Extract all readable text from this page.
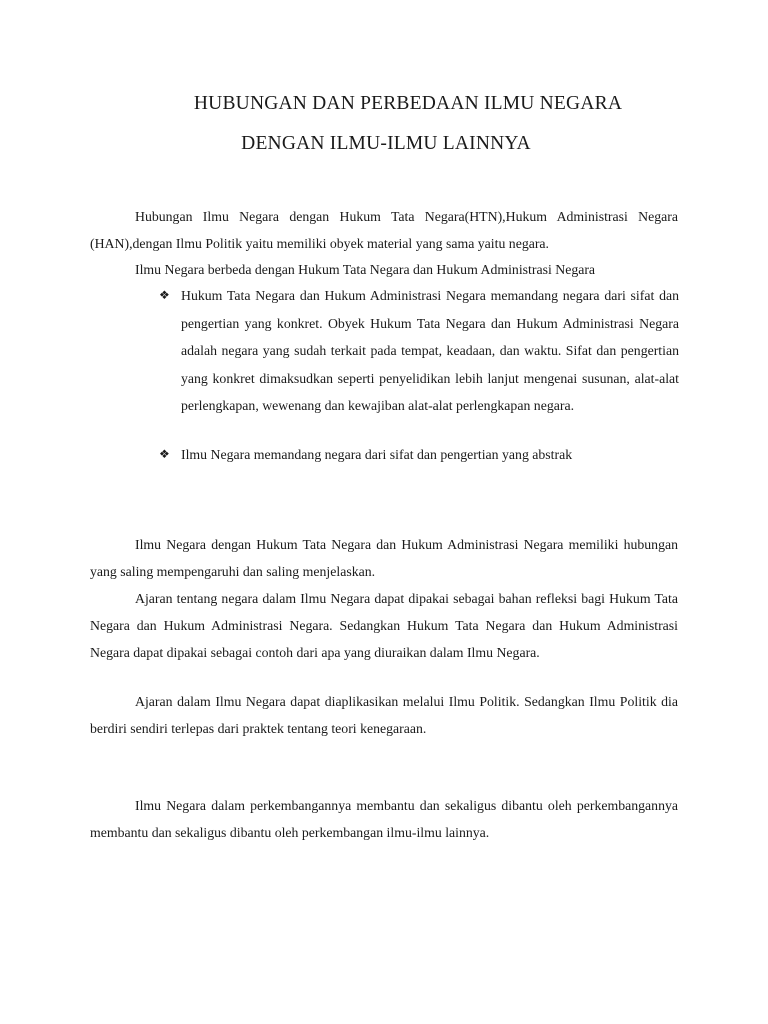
HUBUNGAN DAN PERBEDAAN ILMU NEGARA
DENGAN ILMU-ILMU LAINNYA

Hubungan Ilmu Negara dengan Hukum Tata Negara(HTN),Hukum Administrasi Negara (HAN),dengan Ilmu Politik yaitu memiliki obyek material yang sama yaitu negara.

Ilmu Negara berbeda dengan Hukum Tata Negara dan Hukum Administrasi Negara

❖ Hukum Tata Negara dan Hukum Administrasi Negara memandang negara dari sifat dan pengertian yang konkret. Obyek Hukum Tata Negara dan Hukum Administrasi Negara adalah negara yang sudah terkait pada tempat, keadaan, dan waktu. Sifat dan pengertian yang konkret dimaksudkan seperti penyelidikan lebih lanjut mengenai susunan, alat-alat perlengkapan, wewenang dan kewajiban alat-alat perlengkapan negara.
❖ Ilmu Negara memandang negara dari sifat dan pengertian yang abstrak

Ilmu Negara dengan Hukum Tata Negara dan Hukum Administrasi Negara memiliki hubungan yang saling mempengaruhi dan saling menjelaskan.

Ajaran tentang negara dalam Ilmu Negara dapat dipakai sebagai bahan refleksi bagi Hukum Tata Negara dan Hukum Administrasi Negara. Sedangkan Hukum Tata Negara dan Hukum Administrasi Negara dapat dipakai sebagai contoh dari apa yang diuraikan dalam Ilmu Negara.

Ajaran dalam Ilmu Negara dapat diaplikasikan melalui Ilmu Politik. Sedangkan Ilmu Politik dia berdiri sendiri terlepas dari praktek tentang teori kenegaraan.

Ilmu Negara dalam perkembangannya membantu dan sekaligus dibantu oleh perkembangannya membantu dan sekaligus dibantu oleh perkembangan ilmu-ilmu lainnya.
